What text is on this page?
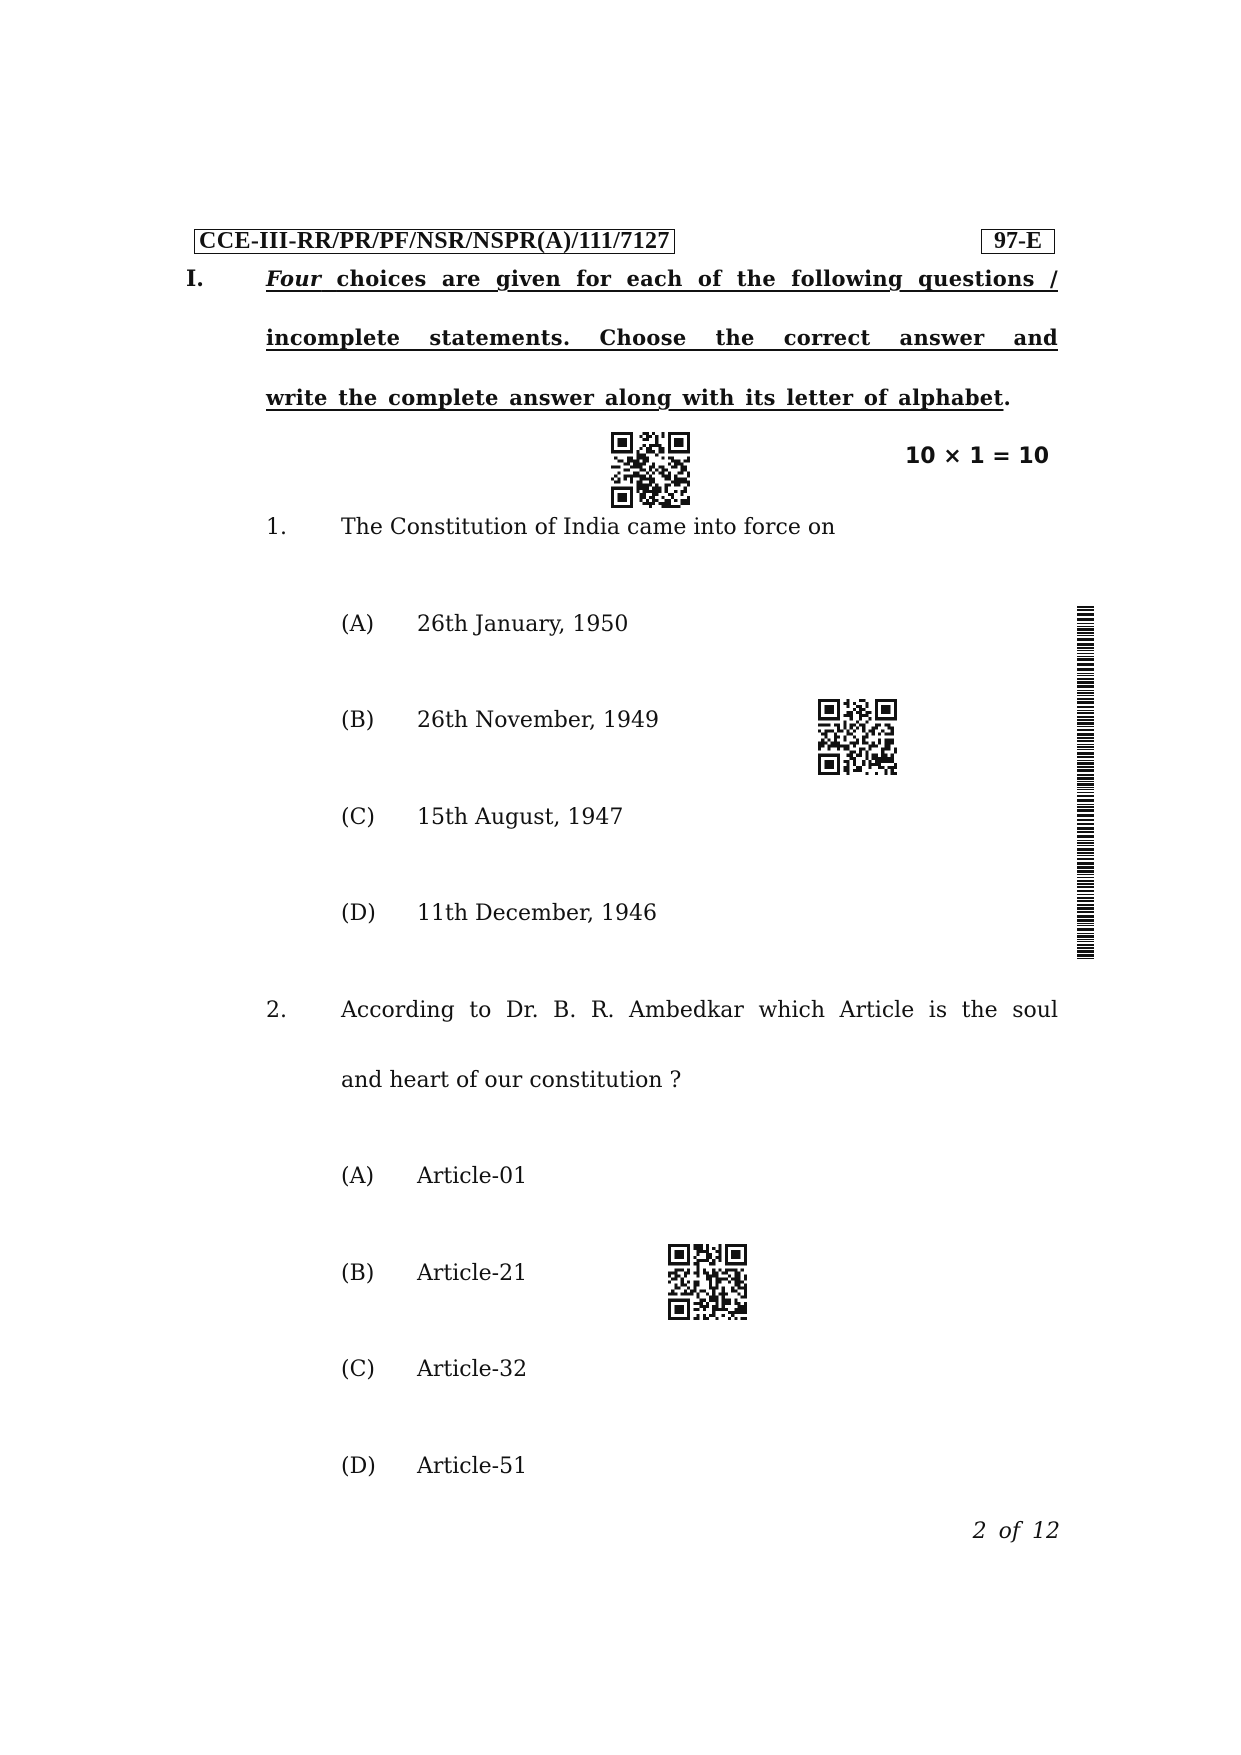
CCE-III-RR/PR/PF/NSR/NSPR(A)/111/7127	97-E
I.	Four choices are given for each of the following questions /
incomplete statements. Choose the correct answer and
write the complete answer along with its letter of alphabet.
10 × 1 = 10
1. The Constitution of India came into force on
(A) 26th January, 1950
(B) 26th November, 1949
(C) 15th August, 1947
(D) 11th December, 1946
2. According to Dr. B. R. Ambedkar which Article is the soul
and heart of our constitution ?
(A) Article-01
(B) Article-21
(C) Article-32
(D) Article-51
2 of 12
